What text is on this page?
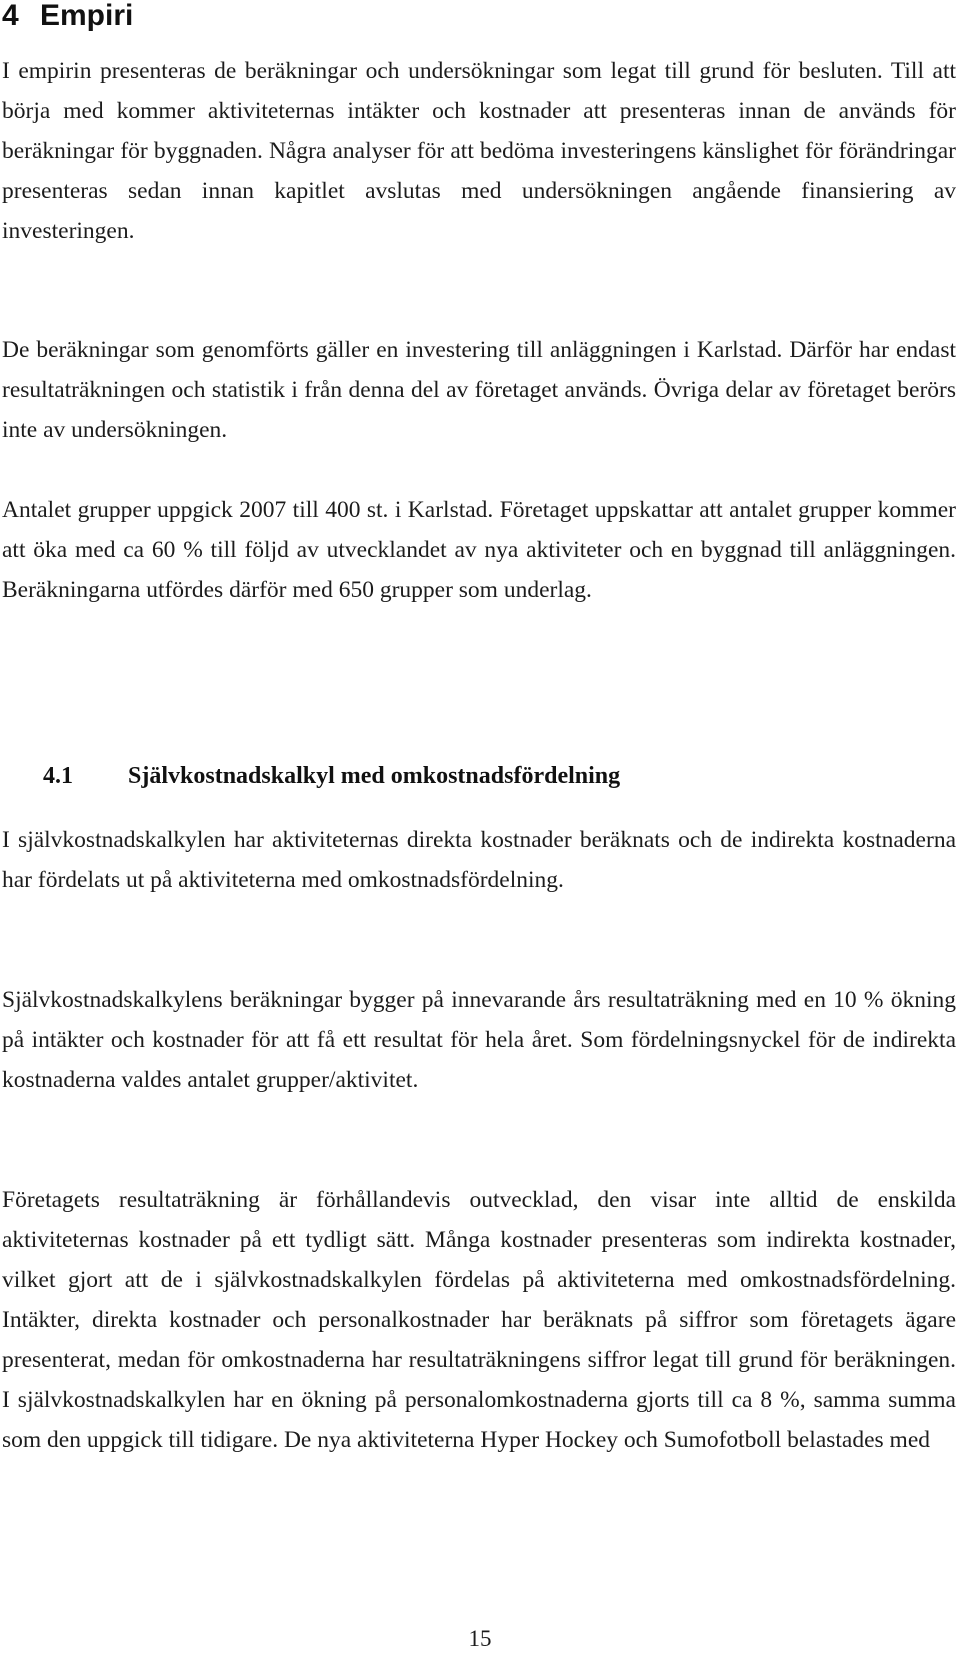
4 Empiri

I empirin presenteras de beräkningar och undersökningar som legat till grund för besluten. Till att börja med kommer aktiviteternas intäkter och kostnader att presenteras innan de används för beräkningar för byggnaden. Några analyser för att bedöma investeringens känslighet för förändringar presenteras sedan innan kapitlet avslutas med undersökningen angående finansiering av investeringen.

De beräkningar som genomförts gäller en investering till anläggningen i Karlstad. Därför har endast resultaträkningen och statistik i från denna del av företaget används. Övriga delar av företaget berörs inte av undersökningen.

Antalet grupper uppgick 2007 till 400 st. i Karlstad. Företaget uppskattar att antalet grupper kommer att öka med ca 60 % till följd av utvecklandet av nya aktiviteter och en byggnad till anläggningen. Beräkningarna utfördes därför med 650 grupper som underlag.

4.1 Självkostnadskalkyl med omkostnadsfördelning

I självkostnadskalkylen har aktiviteternas direkta kostnader beräknats och de indirekta kostnaderna har fördelats ut på aktiviteterna med omkostnadsfördelning.

Självkostnadskalkylens beräkningar bygger på innevarande års resultaträkning med en 10 % ökning på intäkter och kostnader för att få ett resultat för hela året. Som fördelningsnyckel för de indirekta kostnaderna valdes antalet grupper/aktivitet.

Företagets resultaträkning är förhållandevis outvecklad, den visar inte alltid de enskilda aktiviteternas kostnader på ett tydligt sätt. Många kostnader presenteras som indirekta kostnader, vilket gjort att de i självkostnadskalkylen fördelas på aktiviteterna med omkostnadsfördelning. Intäkter, direkta kostnader och personalkostnader har beräknats på siffror som företagets ägare presenterat, medan för omkostnaderna har resultaträkningens siffror legat till grund för beräkningen. I självkostnadskalkylen har en ökning på personalomkostnaderna gjorts till ca 8 %, samma summa som den uppgick till tidigare. De nya aktiviteterna Hyper Hockey och Sumofotboll belastades med

15
